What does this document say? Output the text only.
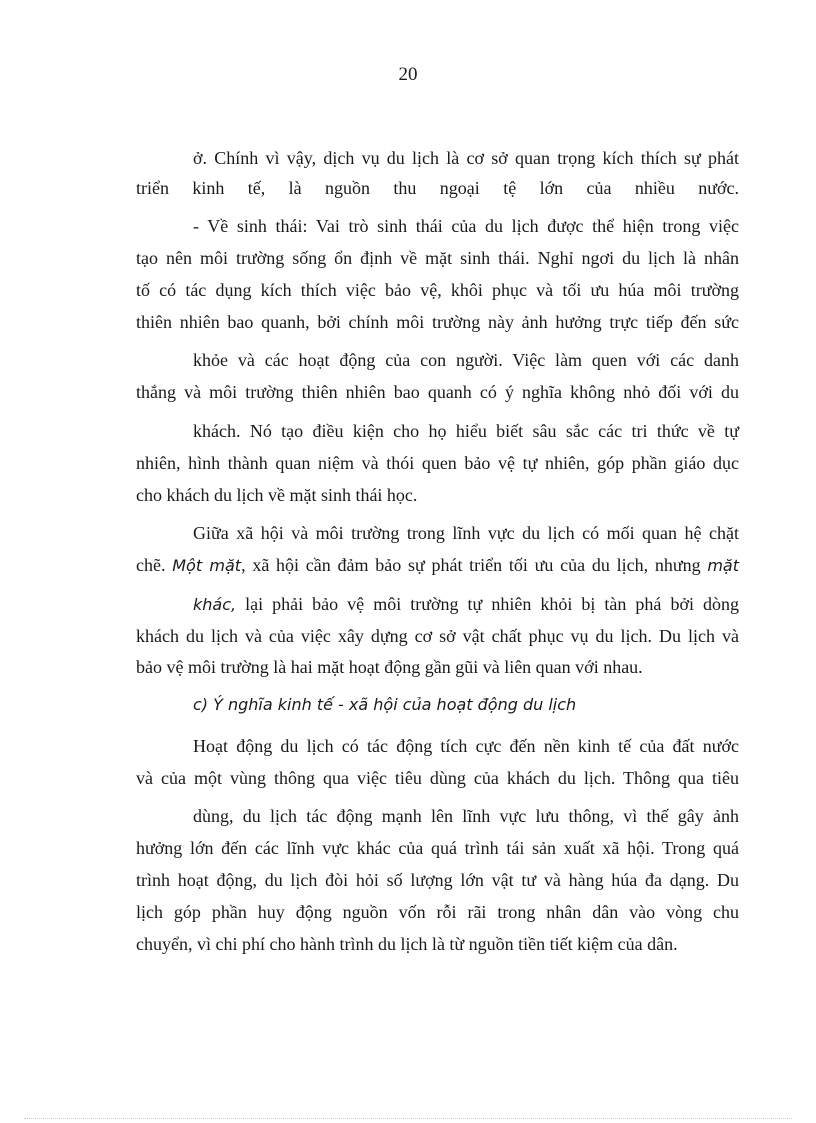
20
ở. Chính vì vậy, dịch vụ du lịch là cơ sở quan trọng kích thích sự phát
triển kinh tế, là nguồn thu ngoại tệ lớn của nhiều nước.
- Về sinh thái: Vai trò sinh thái của du lịch được thể hiện trong việc
tạo nên môi trường sống ổn định về mặt sinh thái. Nghỉ ngơi du lịch là nhân
tố có tác dụng kích thích việc bảo vệ, khôi phục và tối ưu húa môi trường
thiên nhiên bao quanh, bởi chính môi trường này ảnh hưởng trực tiếp đến sức
khỏe và các hoạt động của con người. Việc làm quen với các danh
thắng và môi trường thiên nhiên bao quanh có ý nghĩa không nhỏ đối với du
khách. Nó tạo điều kiện cho họ hiểu biết sâu sắc các tri thức về tự
nhiên, hình thành quan niệm và thói quen bảo vệ tự nhiên, góp phần giáo dục
cho khách du lịch về mặt sinh thái học.
Giữa xã hội và môi trường trong lĩnh vực du lịch có mối quan hệ chặt
chẽ. Một mặt, xã hội cần đảm bảo sự phát triển tối ưu của du lịch, nhưng mặt
khác, lại phải bảo vệ môi trường tự nhiên khỏi bị tàn phá bởi dòng
khách du lịch và của việc xây dựng cơ sở vật chất phục vụ du lịch. Du lịch và
bảo vệ môi trường là hai mặt hoạt động gần gũi và liên quan với nhau.
c) Ý nghĩa kinh tế - xã hội của hoạt động du lịch
Hoạt động du lịch có tác động tích cực đến nền kinh tế của đất nước
và của một vùng thông qua việc tiêu dùng của khách du lịch. Thông qua tiêu
dùng, du lịch tác động mạnh lên lĩnh vực lưu thông, vì thế gây ảnh
hưởng lớn đến các lĩnh vực khác của quá trình tái sản xuất xã hội. Trong quá
trình hoạt động, du lịch đòi hỏi số lượng lớn vật tư và hàng húa đa dạng. Du
lịch góp phần huy động nguồn vốn rỗi rãi trong nhân dân vào vòng chu
chuyển, vì chi phí cho hành trình du lịch là từ nguồn tiền tiết kiệm của dân.
